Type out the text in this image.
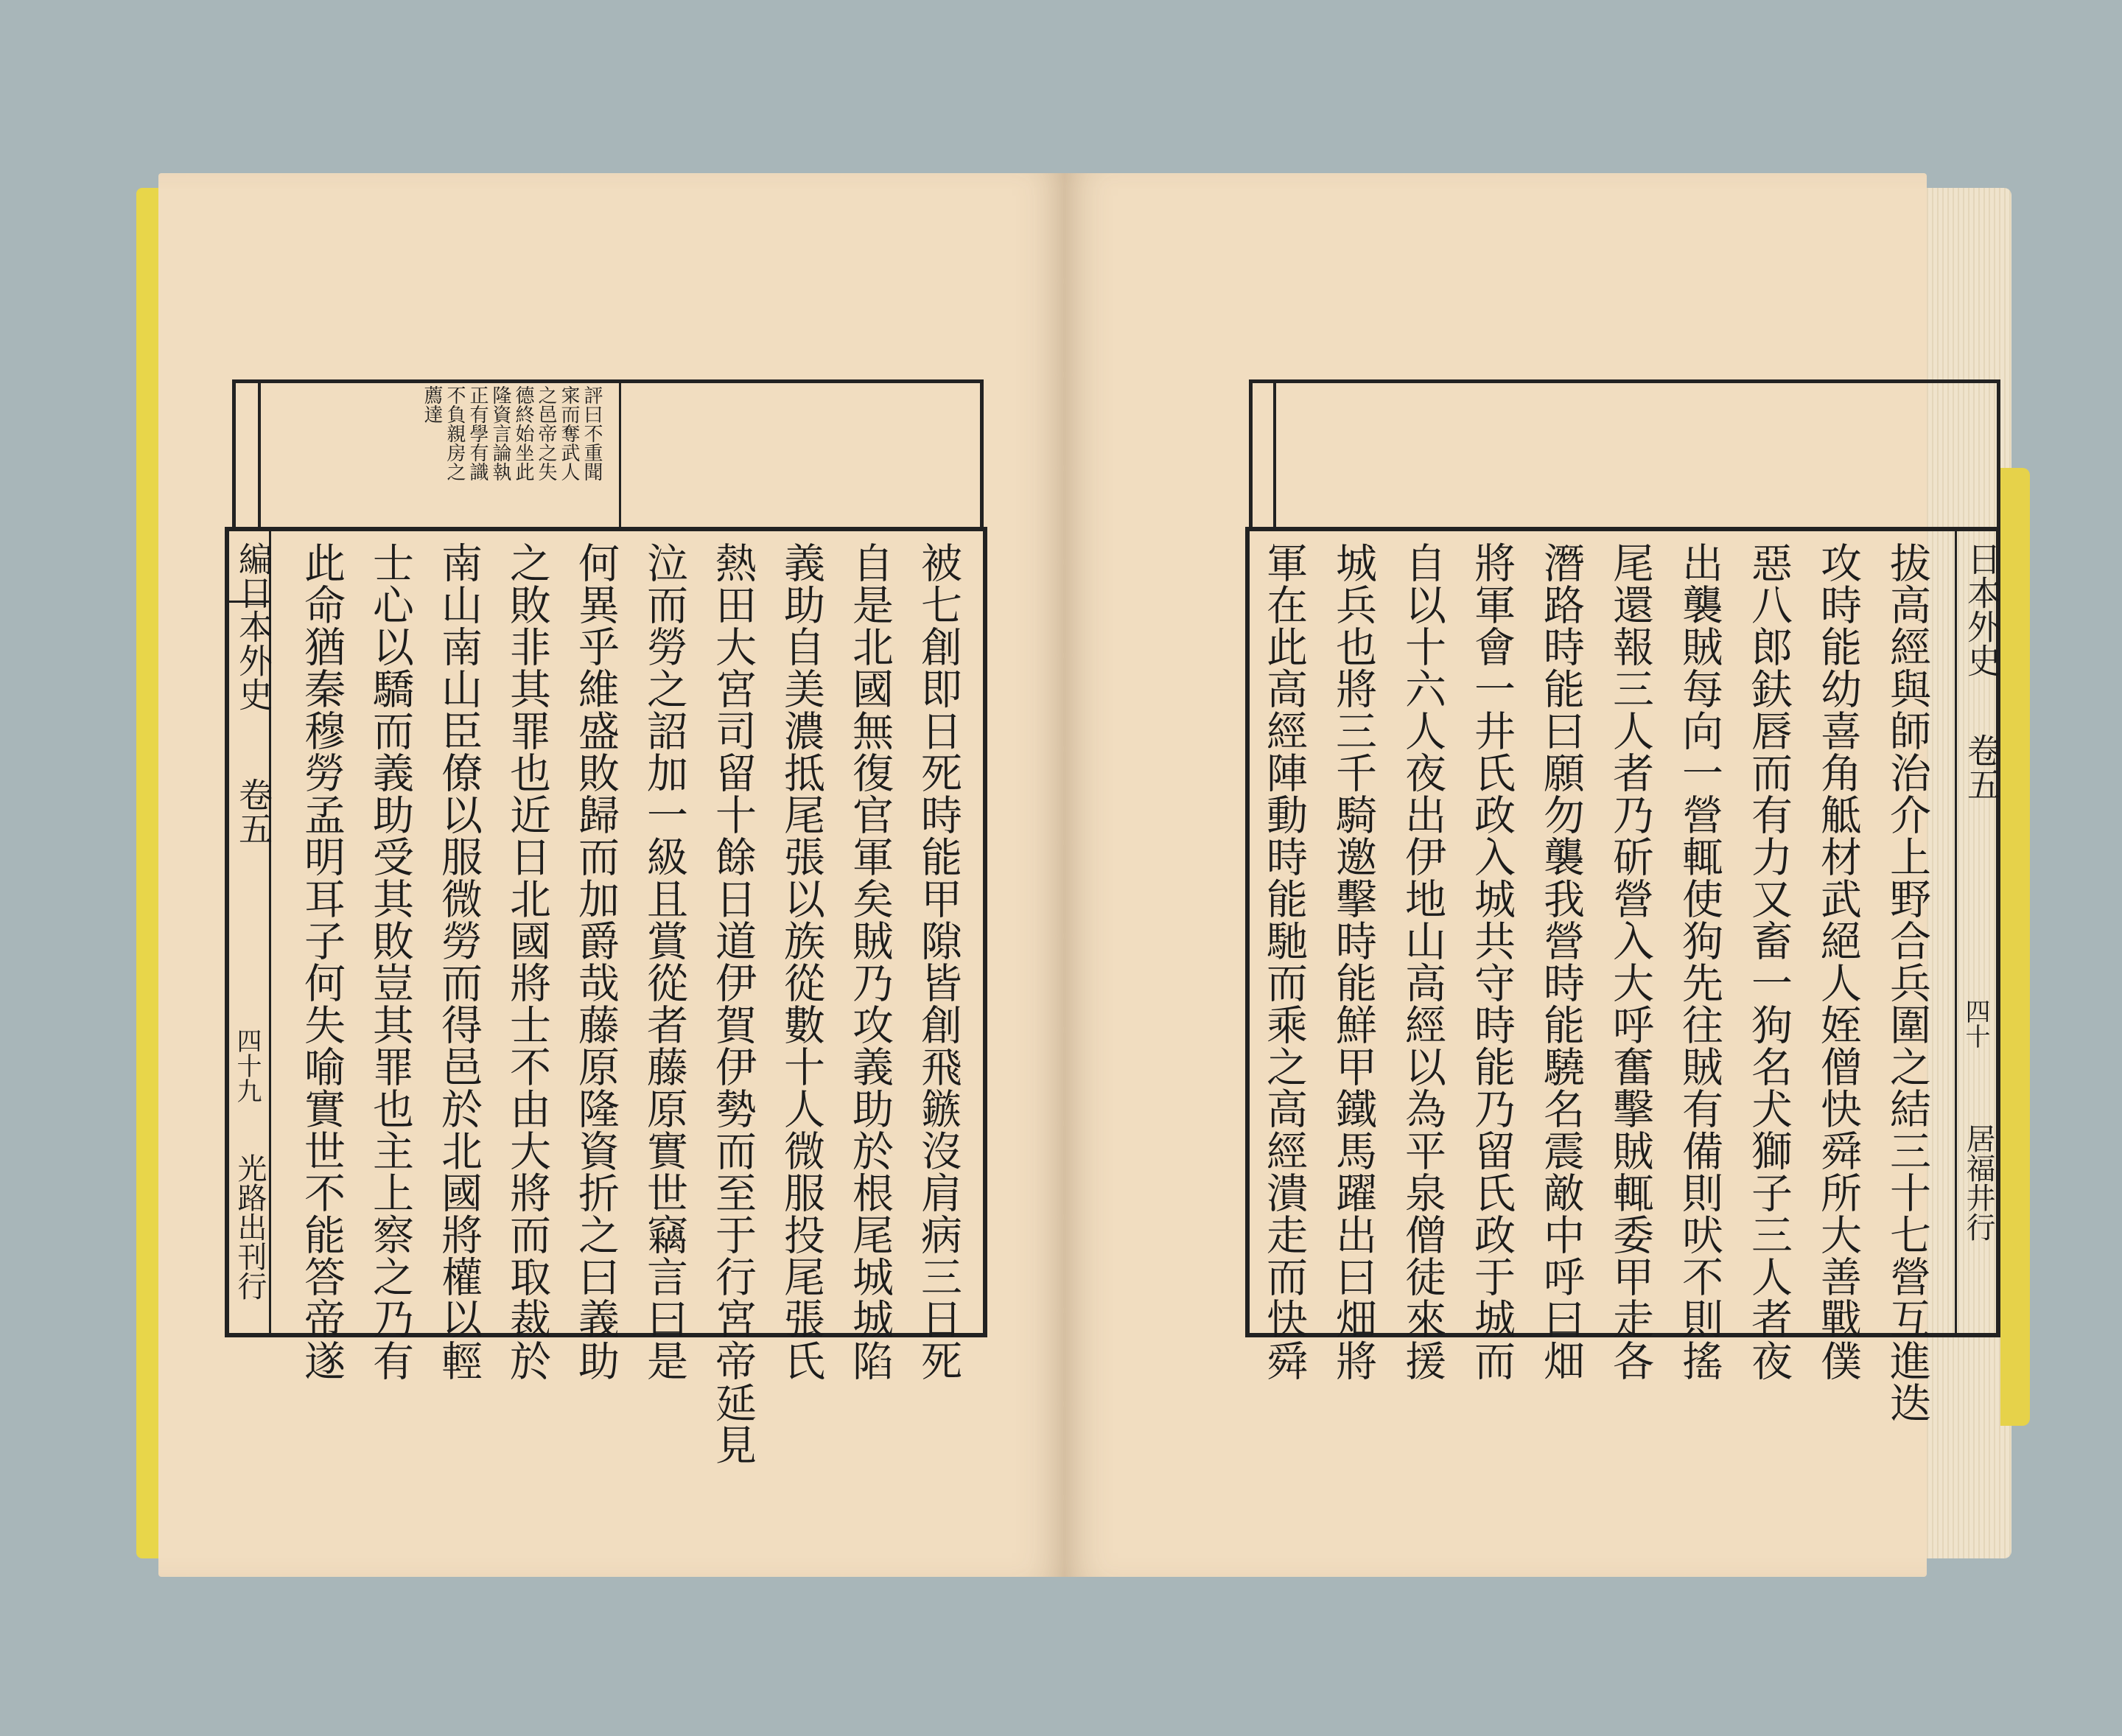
評曰不重聞
宷而奪武人
之邑帝之失
德終始坐此
隆資言論執
正有學有識
不負親房之
薦達
編日本外史
卷五
四十九
光路出刊行	被七創即日死時能甲隙皆創飛鏃沒肩病三日死
自是北國無復官軍矣賊乃攻義助於根尾城城陷
義助自美濃抵尾張以族從數十人微服投尾張氏
熱田大宮司留十餘日道伊賀伊勢而至于行宮帝延見
泣而勞之詔加一級且賞從者藤原實世竊言曰是
何異乎維盛敗歸而加爵哉藤原隆資折之曰義助
之敗非其罪也近日北國將士不由大將而取裁於
南山南山臣僚以服微勞而得邑於北國將權以輕
士心以驕而義助受其敗豈其罪也主上察之乃有
此命猶秦穆勞孟明耳子何失喻實世不能答帝遂	日本外史
卷五
四十
居福井行
拔高經與師治介上野合兵圍之結三十七營互進迭
攻時能幼喜角觝材武絕人姪僧快舜所大善戰僕
惡八郎鈇唇而有力又畜一狗名犬獅子三人者夜
出襲賊每向一營輒使狗先往賊有備則吠不則搖
尾還報三人者乃斫營入大呼奮擊賊輒委甲走各
潛路時能曰願勿襲我營時能驍名震敵中呼曰畑
將軍會一井氏政入城共守時能乃留氏政于城而
自以十六人夜出伊地山高經以為平泉僧徒來援
城兵也將三千騎邀擊時能鮮甲鐵馬躍出曰畑將
軍在此高經陣動時能馳而乘之高經潰走而快舜
